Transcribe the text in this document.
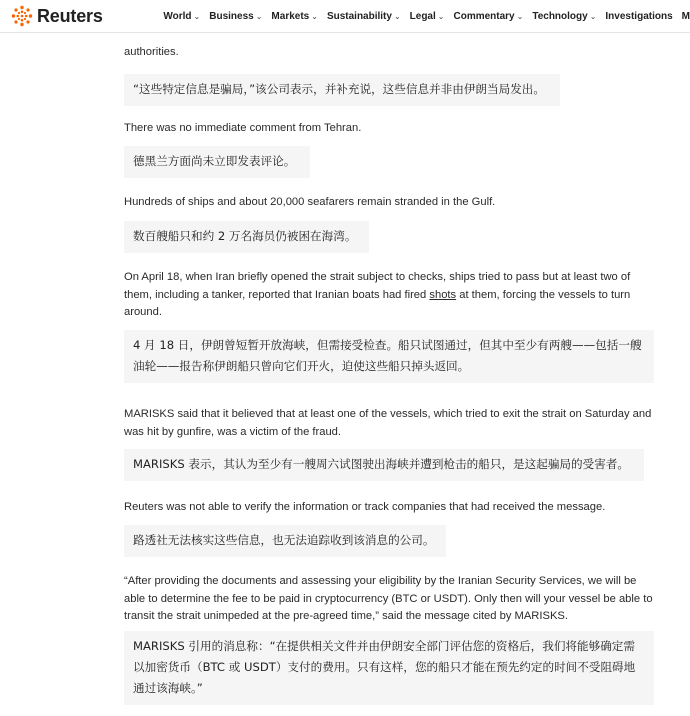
Reuters	World ⌄ Business ⌄ Markets ⌄ Sustainability ⌄ Legal ⌄ Commentary ⌄ Technology ⌄ Investigations M
authorities.
“这些特定信息是骗局，”该公司表示，并补充说，这些信息并非由伊朗当局发出。
There was no immediate comment from Tehran.
德黑兰方面尚未立即发表评论。
Hundreds of ships and about 20,000 seafarers remain stranded in the Gulf.
数百艘船只和约 2 万名海员仍被困在海湾。
On April 18, when Iran briefly opened the strait subject to checks, ships tried to pass but at least two of them, including a tanker, reported that Iranian boats had fired shots at them, forcing the vessels to turn around.
4 月 18 日，伊朗曾短暂开放海峡，但需接受检查。船只试图通过，但其中至少有两艘——包括一艘油轮——报告称伊朗船只曾向它们开火，迫使这些船只掉头返回。
MARISKS said that it believed that at least one of the vessels, which tried to exit the strait on Saturday and was hit by gunfire, was a victim of the fraud.
MARISKS 表示，其认为至少有一艘周六试图驶出海峡并遭到枪击的船只，是这起骗局的受害者。
Reuters was not able to verify the information or track companies that had received the message.
路透社无法核实这些信息，也无法追踪收到该消息的公司。
“After providing the documents and assessing your eligibility by the Iranian Security Services, we will be able to determine the fee to be paid in cryptocurrency (BTC or USDT). Only then will your vessel be able to transit the strait unimpeded at the pre-agreed time,” said the message cited by MARISKS.
MARISKS 引用的消息称：“在提供相关文件并由伊朗安全部门评估您的资格后，我们将能够确定需以加密货币（BTC 或 USDT）支付的费用。只有这样，您的船只才能在预先约定的时间不受阻碍地通过该海峡。”
